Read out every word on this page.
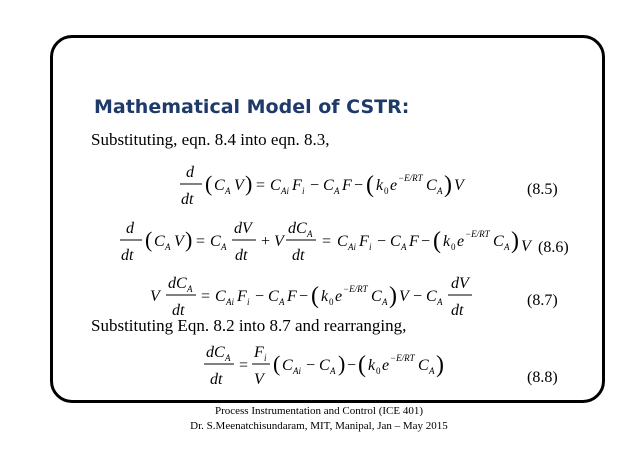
Mathematical Model of CSTR:
Substituting, eqn. 8.4 into eqn. 8.3,
d
dt
( C A V ) = C Ai F i − C A F − ( k 0 e −E/RT C A ) V	(8.5)
d
dt
( C A V ) = C A
dV
dt
+ V
dC A
dt
= C Ai F i − C A F − ( k 0 e −E/RT C A ) V (8.6)
V
dC A
dt
= C Ai F i − C A F − ( k 0 e −E/RT C A ) V − C A
dV
dt
(8.7)
Substituting Eqn. 8.2 into 8.7 and rearranging,
dC A
dt
=
F i
V
( C Ai − C A ) − ( k 0 e −E/RT C A )	(8.8)
Process Instrumentation and Control (ICE 401)
Dr. S.Meenatchisundaram, MIT, Manipal, Jan – May 2015
